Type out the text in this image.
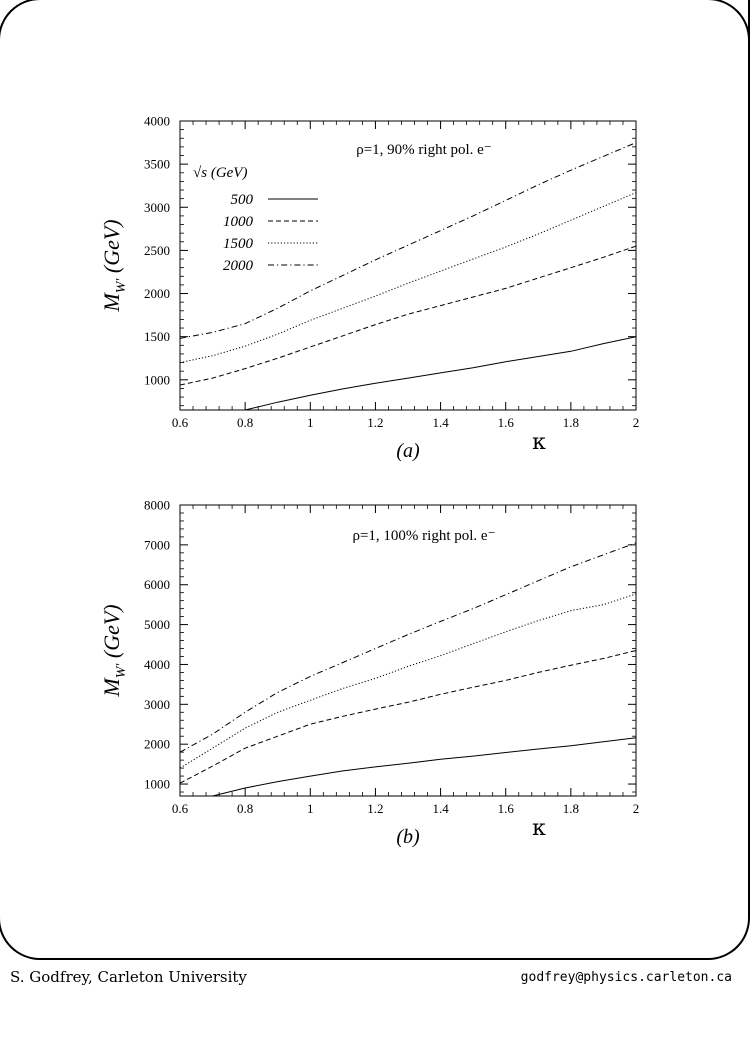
0.6	0.8	1	1.2	1.4	1.6	1.8	2
1000
1500
2000
2500
3000
3500
4000
$M_{W'}$ (GeV)
κ
(a)
ρ=1, 90% right pol. e⁻
√s (GeV)
500
1000
1500
2000
0.6	0.8	1	1.2	1.4	1.6	1.8	2
1000
2000
3000
4000
5000
6000
7000
8000
$M_{W'}$ (GeV)
κ
(b)
ρ=1, 100% right pol. e⁻
S. Godfrey, Carleton University	godfrey@physics.carleton.ca
